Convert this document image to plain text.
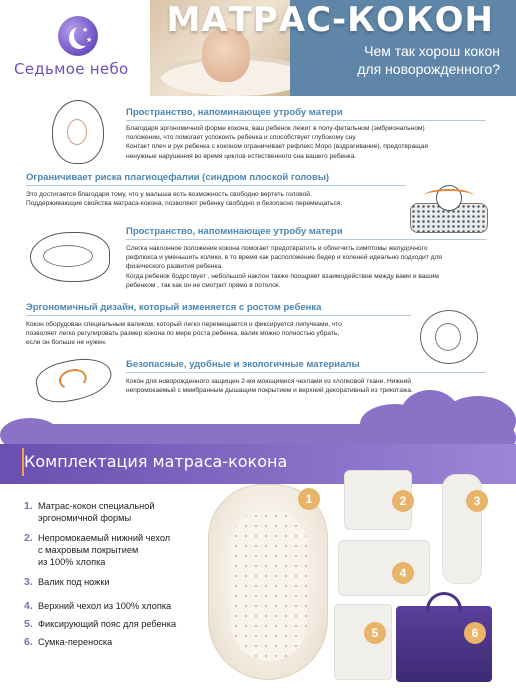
★
★
Седьмое небо
МАТРАС-КОКОН
Чем так хорош кокон
для новорожденного?
Пространство, напоминающее утробу матери
Благодаря эргономичной форме кокона, ваш ребенок лежит в полу-фетальном (эмбриональном)
положении, что помогает успокоить ребенка и способствует глубокому сну.
Контакт плеч и рук ребенка с коконом ограничивает рефлекс Моро (вздрагивание), предотвращая
ненужные нарушения во время циклов естественного сна вашего ребенка.
Ограничивает риска плагиоцефалии (синдром плоской головы)
Это достигается благодаря тому, что у малыша есть возможность свободно вертеть головой.
Поддерживающие свойства матраса-кокона, позволяют ребенку свободно и безопасно перемещаться.
Пространство, напоминающее утробу матери
Слегка наклонное положение кокона помогает предотвратить и облегчить симптомы желудочного
рефлюкса и уменьшить колики, в то время как расположение бедер и коленей идеально подходит для
физического развития ребенка.
Когда ребенок бодрствует , небольшой наклон также поощряет взаимодействие между вами и вашим
ребенком , так как он не смотрит прямо в потолок.
Эргономичный дизайн, который изменяется с ростом ребенка
Кокон оборудован специальным валиком, который легко перемещается и фиксируется липучками, что
позволяет легко регулировать размер кокона по мере роста ребенка, валик можно полностью убрать,
если он больше не нужен.
Безопасные, удобные и экологичные материалы
Кокон для новорожденного защищен 2-мя моющимися чехлами из хлопковой ткани. Нижний
непромокаемый с мембранным дышащим покрытием и верхний декоративный из трикотажа.
Комплектация матраса-кокона
1. Матрас-кокон специальной
эргономичной формы
2. Непромокаемый нижний чехол
с махровым покрытием
из 100% хлопка
3. Валик под ножки
4. Верхний чехол из 100% хлопка
5. Фиксирующий пояс для ребенка
6. Сумка-переноска
1	2	3
4
5	6
